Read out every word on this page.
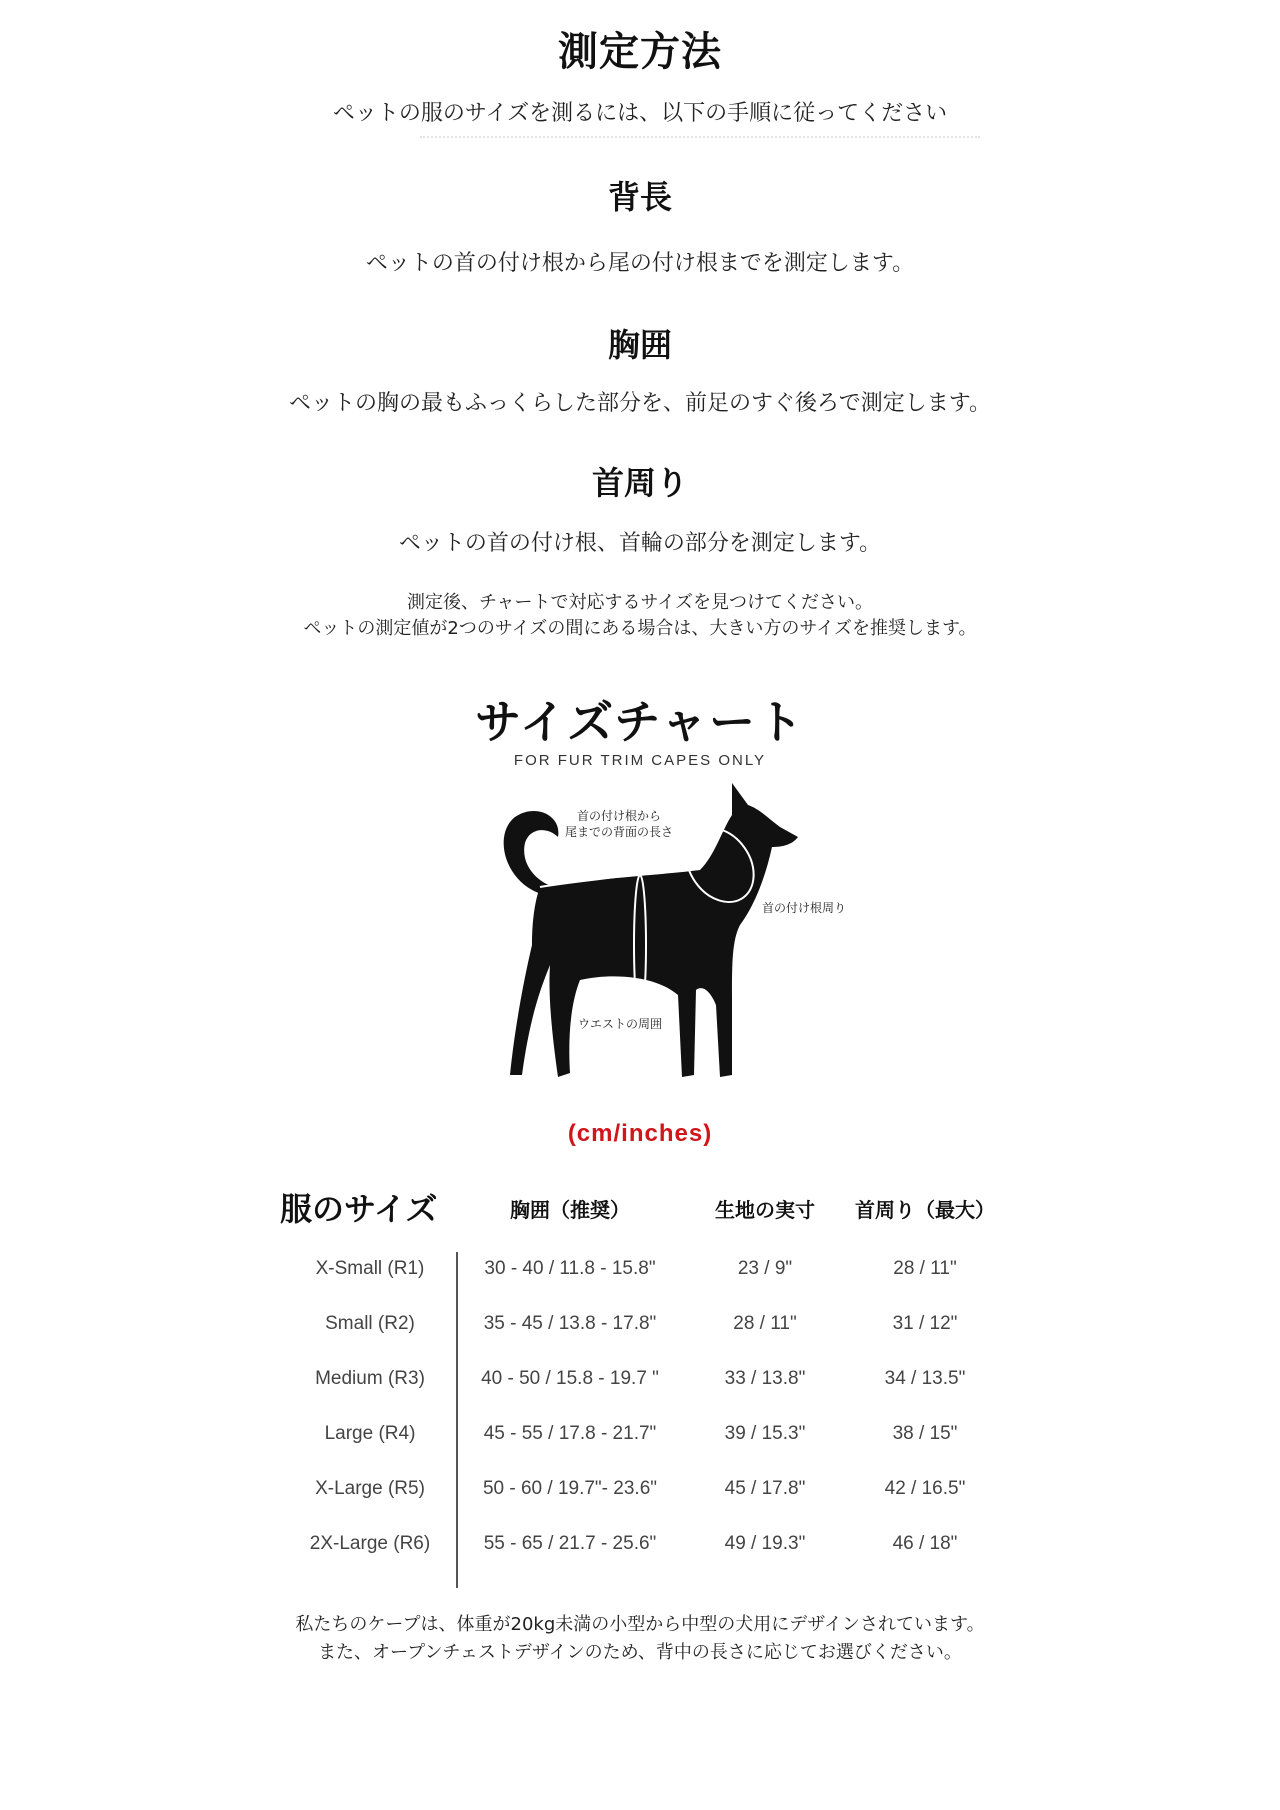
測定方法
ペットの服のサイズを測るには、以下の手順に従ってください
背長
ペットの首の付け根から尾の付け根までを測定します。
胸囲
ペットの胸の最もふっくらした部分を、前足のすぐ後ろで測定します。
首周り
ペットの首の付け根、首輪の部分を測定します。
測定後、チャートで対応するサイズを見つけてください。
ペットの測定値が2つのサイズの間にある場合は、大きい方のサイズを推奨します。
サイズチャート
FOR FUR TRIM CAPES ONLY
首の付け根から
尾までの背面の長さ
首の付け根周り
ウエストの周囲
(cm/inches)
服のサイズ	胸囲（推奨）	生地の実寸	首周り（最大）
X-Small (R1)	30 - 40 / 11.8 - 15.8"	23 / 9"	28 / 11"
Small (R2)	35 - 45 / 13.8 - 17.8"	28 / 11"	31 / 12"
Medium (R3)	40 - 50 / 15.8 - 19.7 "	33 / 13.8"	34 / 13.5"
Large (R4)	45 - 55 / 17.8 - 21.7"	39 / 15.3"	38 / 15"
X-Large (R5)	50 - 60 / 19.7"- 23.6"	45 / 17.8"	42 / 16.5"
2X-Large (R6)	55 - 65 / 21.7 - 25.6"	49 / 19.3"	46 / 18"
私たちのケープは、体重が20kg未満の小型から中型の犬用にデザインされています。
また、オープンチェストデザインのため、背中の長さに応じてお選びください。
